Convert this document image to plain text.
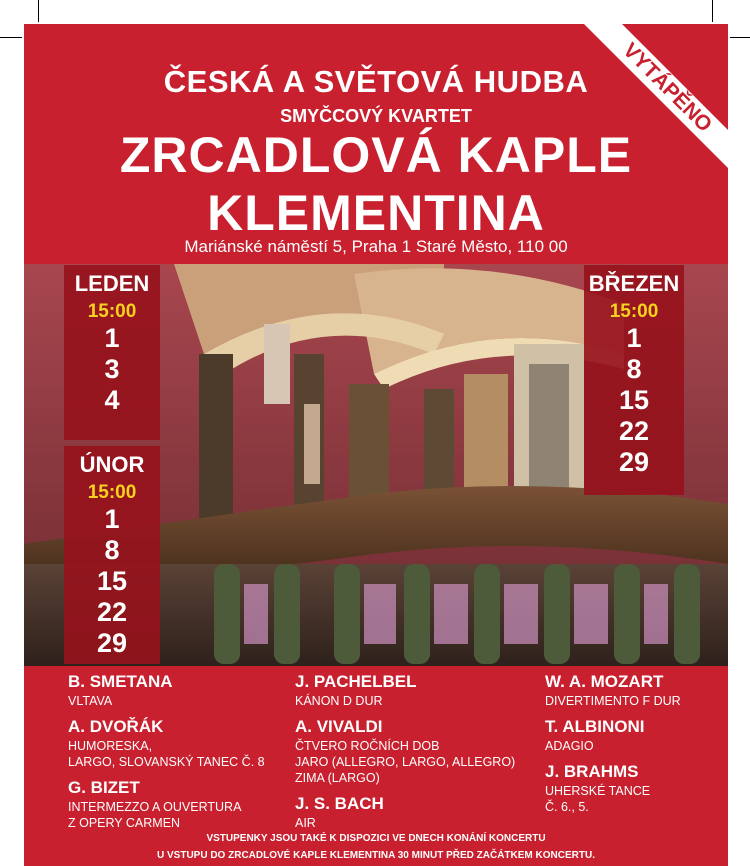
ČESKÁ A SVĚTOVÁ HUDBA

SMYČCOVÝ KVARTET

ZRCADLOVÁ KAPLE

KLEMENTINA

Mariánské náměstí 5, Praha 1 Staré Město, 110 00

VYTÁPĚNO
LEDEN
15:00
1
3
4
ÚNOR
15:00
1
8
15
22
29
BŘEZEN
15:00
1
8
15
22
29

B. SMETANA

VLTAVA

A. DVOŘÁK

HUMORESKA,
LARGO, SLOVANSKÝ TANEC Č. 8

G. BIZET

INTERMEZZO A OUVERTURA
Z OPERY CARMEN

J. PACHELBEL

KÁNON D DUR

A. VIVALDI

ČTVERO ROČNÍCH DOB
JARO (ALLEGRO, LARGO, ALLEGRO)
ZIMA (LARGO)

J. S. BACH

AIR

W. A. MOZART

DIVERTIMENTO F DUR

T. ALBINONI

ADAGIO

J. BRAHMS

UHERSKÉ TANCE
Č. 6., 5.

VSTUPENKY JSOU TAKÉ K DISPOZICI VE DNECH KONÁNÍ KONCERTU

U VSTUPU DO ZRCADLOVÉ KAPLE KLEMENTINA 30 MINUT PŘED ZAČÁTKEM KONCERTU.
